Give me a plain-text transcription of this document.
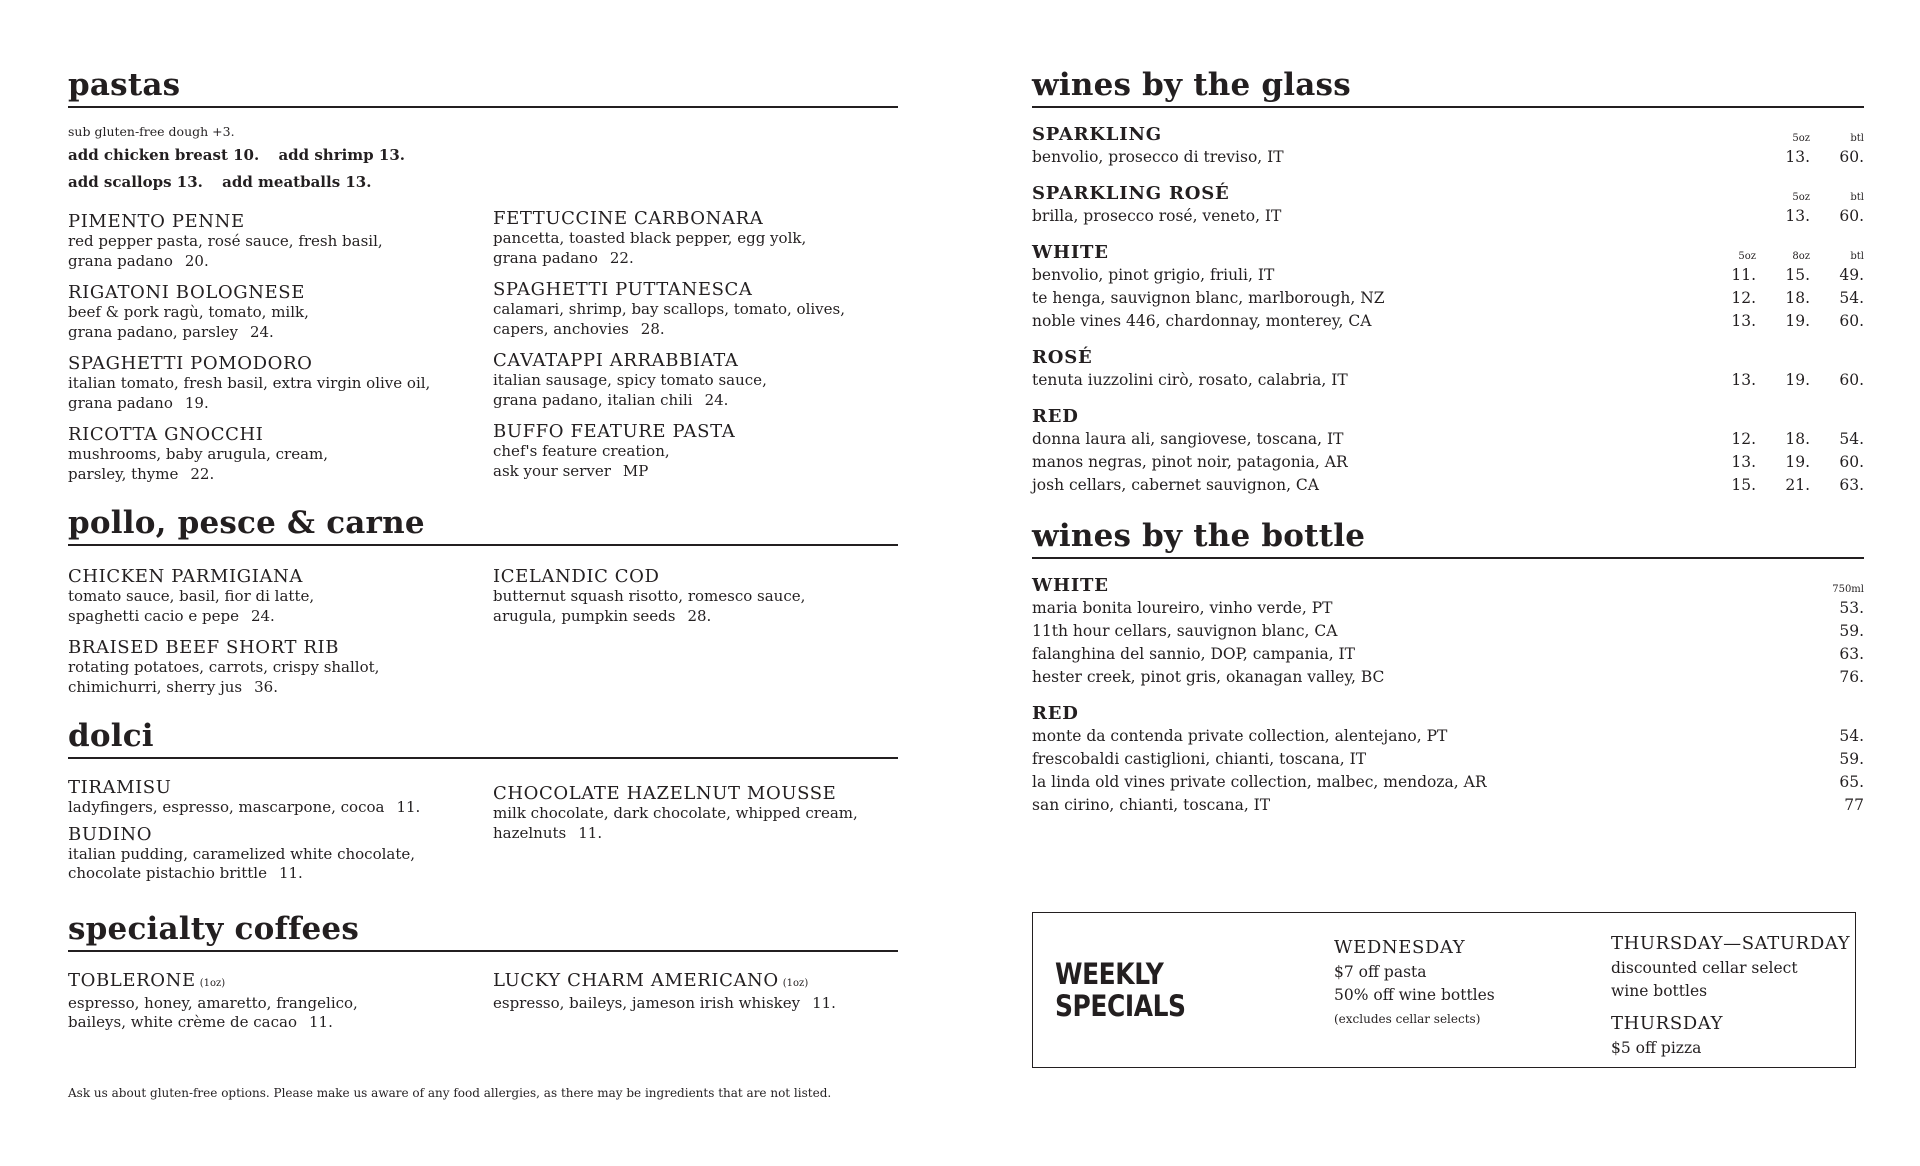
pastas

sub gluten-free dough +3.

add chicken breast 10. add shrimp 13.

add scallops 13. add meatballs 13.

PIMENTO PENNE
red pepper pasta, rosé sauce, fresh basil,
grana padano 20.
RIGATONI BOLOGNESE
beef & pork ragù, tomato, milk,
grana padano, parsley 24.
SPAGHETTI POMODORO
italian tomato, fresh basil, extra virgin olive oil,
grana padano 19.
RICOTTA GNOCCHI
mushrooms, baby arugula, cream,
parsley, thyme 22.
FETTUCCINE CARBONARA
pancetta, toasted black pepper, egg yolk,
grana padano 22.
SPAGHETTI PUTTANESCA
calamari, shrimp, bay scallops, tomato, olives,
capers, anchovies 28.
CAVATAPPI ARRABBIATA
italian sausage, spicy tomato sauce,
grana padano, italian chili 24.
BUFFO FEATURE PASTA
chef's feature creation,
ask your server MP
pollo, pesce & carne
CHICKEN PARMIGIANA
tomato sauce, basil, fior di latte,
spaghetti cacio e pepe 24.
BRAISED BEEF SHORT RIB
rotating potatoes, carrots, crispy shallot,
chimichurri, sherry jus 36.
ICELANDIC COD
butternut squash risotto, romesco sauce,
arugula, pumpkin seeds 28.
dolci
TIRAMISU
ladyfingers, espresso, mascarpone, cocoa 11.
BUDINO
italian pudding, caramelized white chocolate,
chocolate pistachio brittle 11.
CHOCOLATE HAZELNUT MOUSSE
milk chocolate, dark chocolate, whipped cream,
hazelnuts 11.
specialty coffees
TOBLERONE (1oz)
espresso, honey, amaretto, frangelico,
baileys, white crème de cacao 11.
LUCKY CHARM AMERICANO (1oz)
espresso, baileys, jameson irish whiskey 11.
Ask us about gluten-free options. Please make us aware of any food allergies, as there may be ingredients that are not listed.
wines by the glass
SPARKLING	5oz	btl
benvolio, prosecco di treviso, IT	13.	60.
SPARKLING ROSÉ	5oz	btl
brilla, prosecco rosé, veneto, IT	13.	60.
WHITE	5oz	8oz	btl
benvolio, pinot grigio, friuli, IT	11.	15.	49.
te henga, sauvignon blanc, marlborough, NZ	12.	18.	54.
noble vines 446, chardonnay, monterey, CA	13.	19.	60.
ROSÉ
tenuta iuzzolini cirò, rosato, calabria, IT	13.	19.	60.
RED
donna laura ali, sangiovese, toscana, IT	12.	18.	54.
manos negras, pinot noir, patagonia, AR	13.	19.	60.
josh cellars, cabernet sauvignon, CA	15.	21.	63.
wines by the bottle
WHITE	750ml
maria bonita loureiro, vinho verde, PT	53.
11th hour cellars, sauvignon blanc, CA	59.
falanghina del sannio, DOP, campania, IT	63.
hester creek, pinot gris, okanagan valley, BC	76.
RED
monte da contenda private collection, alentejano, PT	54.
frescobaldi castiglioni, chianti, toscana, IT	59.
la linda old vines private collection, malbec, mendoza, AR	65.
san cirino, chianti, toscana, IT	77
WEEKLY
SPECIALS
WEDNESDAY
$7 off pasta
50% off wine bottles
(excludes cellar selects)
THURSDAY—SATURDAY
discounted cellar select
wine bottles
THURSDAY
$5 off pizza
